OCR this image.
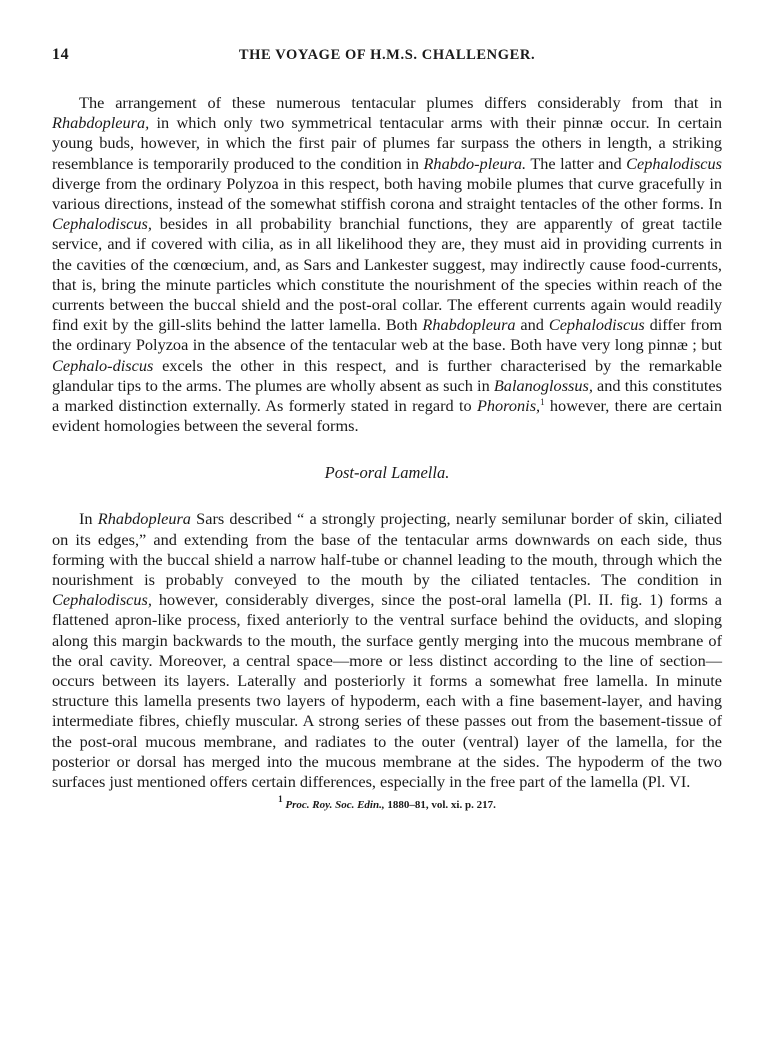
14	THE VOYAGE OF H.M.S. CHALLENGER.

The arrangement of these numerous tentacular plumes differs considerably from that in Rhabdopleura, in which only two symmetrical tentacular arms with their pinnæ occur. In certain young buds, however, in which the first pair of plumes far surpass the others in length, a striking resemblance is temporarily produced to the condition in Rhabdo-pleura. The latter and Cephalodiscus diverge from the ordinary Polyzoa in this respect, both having mobile plumes that curve gracefully in various directions, instead of the somewhat stiffish corona and straight tentacles of the other forms. In Cephalodiscus, besides in all probability branchial functions, they are apparently of great tactile service, and if covered with cilia, as in all likelihood they are, they must aid in providing currents in the cavities of the cœnœcium, and, as Sars and Lankester suggest, may indirectly cause food-currents, that is, bring the minute particles which constitute the nourishment of the species within reach of the currents between the buccal shield and the post-oral collar. The efferent currents again would readily find exit by the gill-slits behind the latter lamella. Both Rhabdopleura and Cephalodiscus differ from the ordinary Polyzoa in the absence of the tentacular web at the base. Both have very long pinnæ ; but Cephalo-discus excels the other in this respect, and is further characterised by the remarkable glandular tips to the arms. The plumes are wholly absent as such in Balanoglossus, and this constitutes a marked distinction externally. As formerly stated in regard to Phoronis,$^1$ however, there are certain evident homologies between the several forms.

Post-oral Lamella.

In Rhabdopleura Sars described “ a strongly projecting, nearly semilunar border of skin, ciliated on its edges,” and extending from the base of the tentacular arms downwards on each side, thus forming with the buccal shield a narrow half-tube or channel leading to the mouth, through which the nourishment is probably conveyed to the mouth by the ciliated tentacles. The condition in Cephalodiscus, however, considerably diverges, since the post-oral lamella (Pl. II. fig. 1) forms a flattened apron-like process, fixed anteriorly to the ventral surface behind the oviducts, and sloping along this margin backwards to the mouth, the surface gently merging into the mucous membrane of the oral cavity. Moreover, a central space—more or less distinct according to the line of section—occurs between its layers. Laterally and posteriorly it forms a somewhat free lamella. In minute structure this lamella presents two layers of hypoderm, each with a fine basement-layer, and having intermediate fibres, chiefly muscular. A strong series of these passes out from the basement-tissue of the post-oral mucous membrane, and radiates to the outer (ventral) layer of the lamella, for the posterior or dorsal has merged into the mucous membrane at the sides. The hypoderm of the two surfaces just mentioned offers certain differences, especially in the free part of the lamella (Pl. VI.

$^1$ Proc. Roy. Soc. Edin., 1880–81, vol. xi. p. 217.
